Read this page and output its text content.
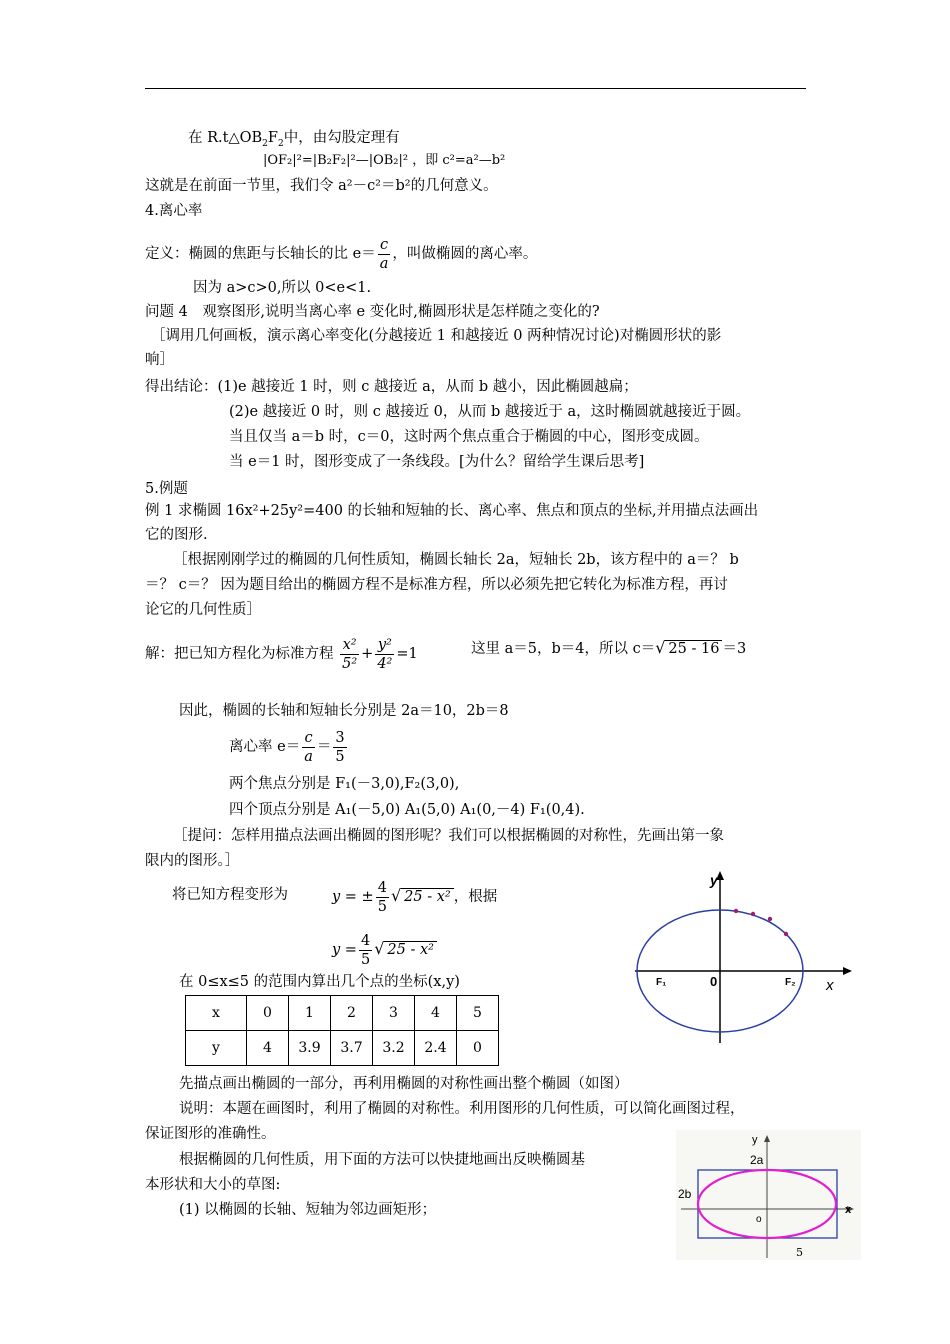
在 $R.t\triangle OB_2F_2$中，由勾股定理有
|OF₂|²=|B₂F₂|²—|OB₂|² ，即 c²=a²—b²
这就是在前面一节里，我们令 a²－c²＝b²的几何意义。
4.离心率
定义：椭圆的焦距与长轴长的比 $e= \frac{c}{a}$ ，叫做椭圆的离心率。
因为 a>c>0,所以 0<e<1.
问题 4　观察图形,说明当离心率 e 变化时,椭圆形状是怎样随之变化的?
［调用几何画板，演示离心率变化(分越接近 1 和越接近 0 两种情况讨论)对椭圆形状的影
响］
得出结论：(1)e 越接近 1 时，则 c 越接近 a，从而 b 越小，因此椭圆越扁；
(2)e 越接近 0 时，则 c 越接近 0，从而 b 越接近于 a，这时椭圆就越接近于圆。
当且仅当 a＝b 时，c＝0，这时两个焦点重合于椭圆的中心，图形变成圆。
当 e＝1 时，图形变成了一条线段。[为什么？留给学生课后思考]
5.例题
例 1 求椭圆 16x²+25y²=400 的长轴和短轴的长、离心率、焦点和顶点的坐标,并用描点法画出
它的图形.
［根据刚刚学过的椭圆的几何性质知，椭圆长轴长 2a，短轴长 2b，该方程中的 a＝？ b
＝？ c＝？ 因为题目给出的椭圆方程不是标准方程，所以必须先把它转化为标准方程，再讨
论它的几何性质］
解：把已知方程化为标准方程 $\frac{\text{x²}}{\text{5²}} + \frac{\text{y²}}{\text{4²}} =1$	这里 a＝5，b＝4，所以 c＝√ 25 - 16 ＝3
因此，椭圆的长轴和短轴长分别是 2a＝10，2b＝8
离心率 $e= \frac{c}{a} = \frac{3}{5}$
两个焦点分别是 F₁(－3,0),F₂(3,0),
四个顶点分别是 A₁(－5,0) A₁(5,0) A₁(0,－4) F₁(0,4).
［提问：怎样用描点法画出椭圆的图形呢？我们可以根据椭圆的对称性，先画出第一象
限内的图形。］
将已知方程变形为	y = ± $\frac{4}{5}$ √ 25 - x² ，根据
$y = \frac{4}{5}$ √ 25 - x²
在 0≤x≤5 的范围内算出几个点的坐标(x,y)
x	0	1	2	3	4	5
y	4	3.9	3.7	3.2	2.4	0
先描点画出椭圆的一部分，再利用椭圆的对称性画出整个椭圆（如图）
说明：本题在画图时，利用了椭圆的对称性。利用图形的几何性质，可以简化画图过程，
保证图形的准确性。
根据椭圆的几何性质，用下面的方法可以快捷地画出反映椭圆基
本形状和大小的草图:
(1) 以椭圆的长轴、短轴为邻边画矩形；
y
x
0
F₁	F₂
y
x
o
2a
2b
5
